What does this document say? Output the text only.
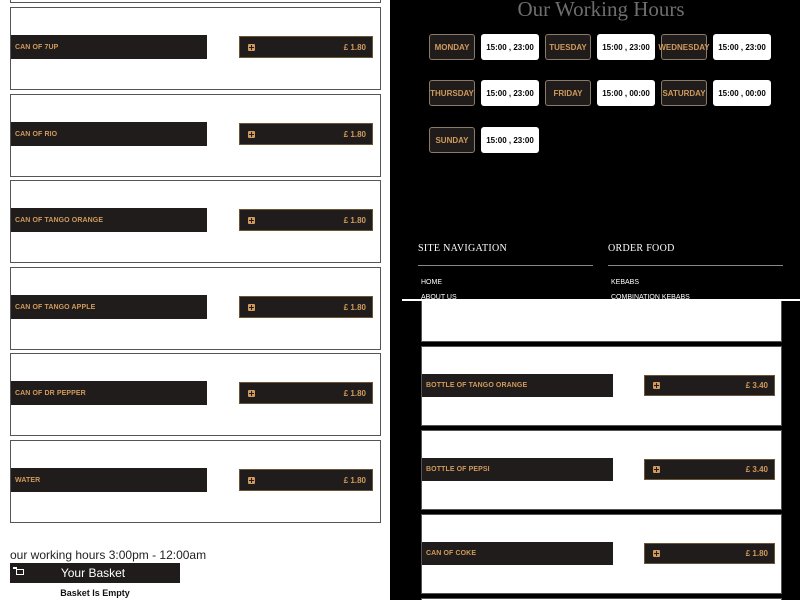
CAN OF 7UP	£ 1.80
CAN OF RIO	£ 1.80
CAN OF TANGO ORANGE	£ 1.80
CAN OF TANGO APPLE	£ 1.80
CAN OF DR PEPPER	£ 1.80
WATER	£ 1.80
our working hours 3:00pm - 12:00am
Your Basket
Basket Is Empty
Our Working Hours
MONDAY	15:00 , 23:00	TUESDAY	15:00 , 23:00	WEDNESDAY	15:00 , 23:00
THURSDAY	15:00 , 23:00	FRIDAY	15:00 , 00:00	SATURDAY	15:00 , 00:00
SUNDAY	15:00 , 23:00
SITE NAVIGATION
HOME
ABOUT US
ORDER FOOD
KEBABS
COMBINATION KEBABS
BOTTLE OF TANGO ORANGE	£ 3.40
BOTTLE OF PEPSI	£ 3.40
CAN OF COKE	£ 1.80
